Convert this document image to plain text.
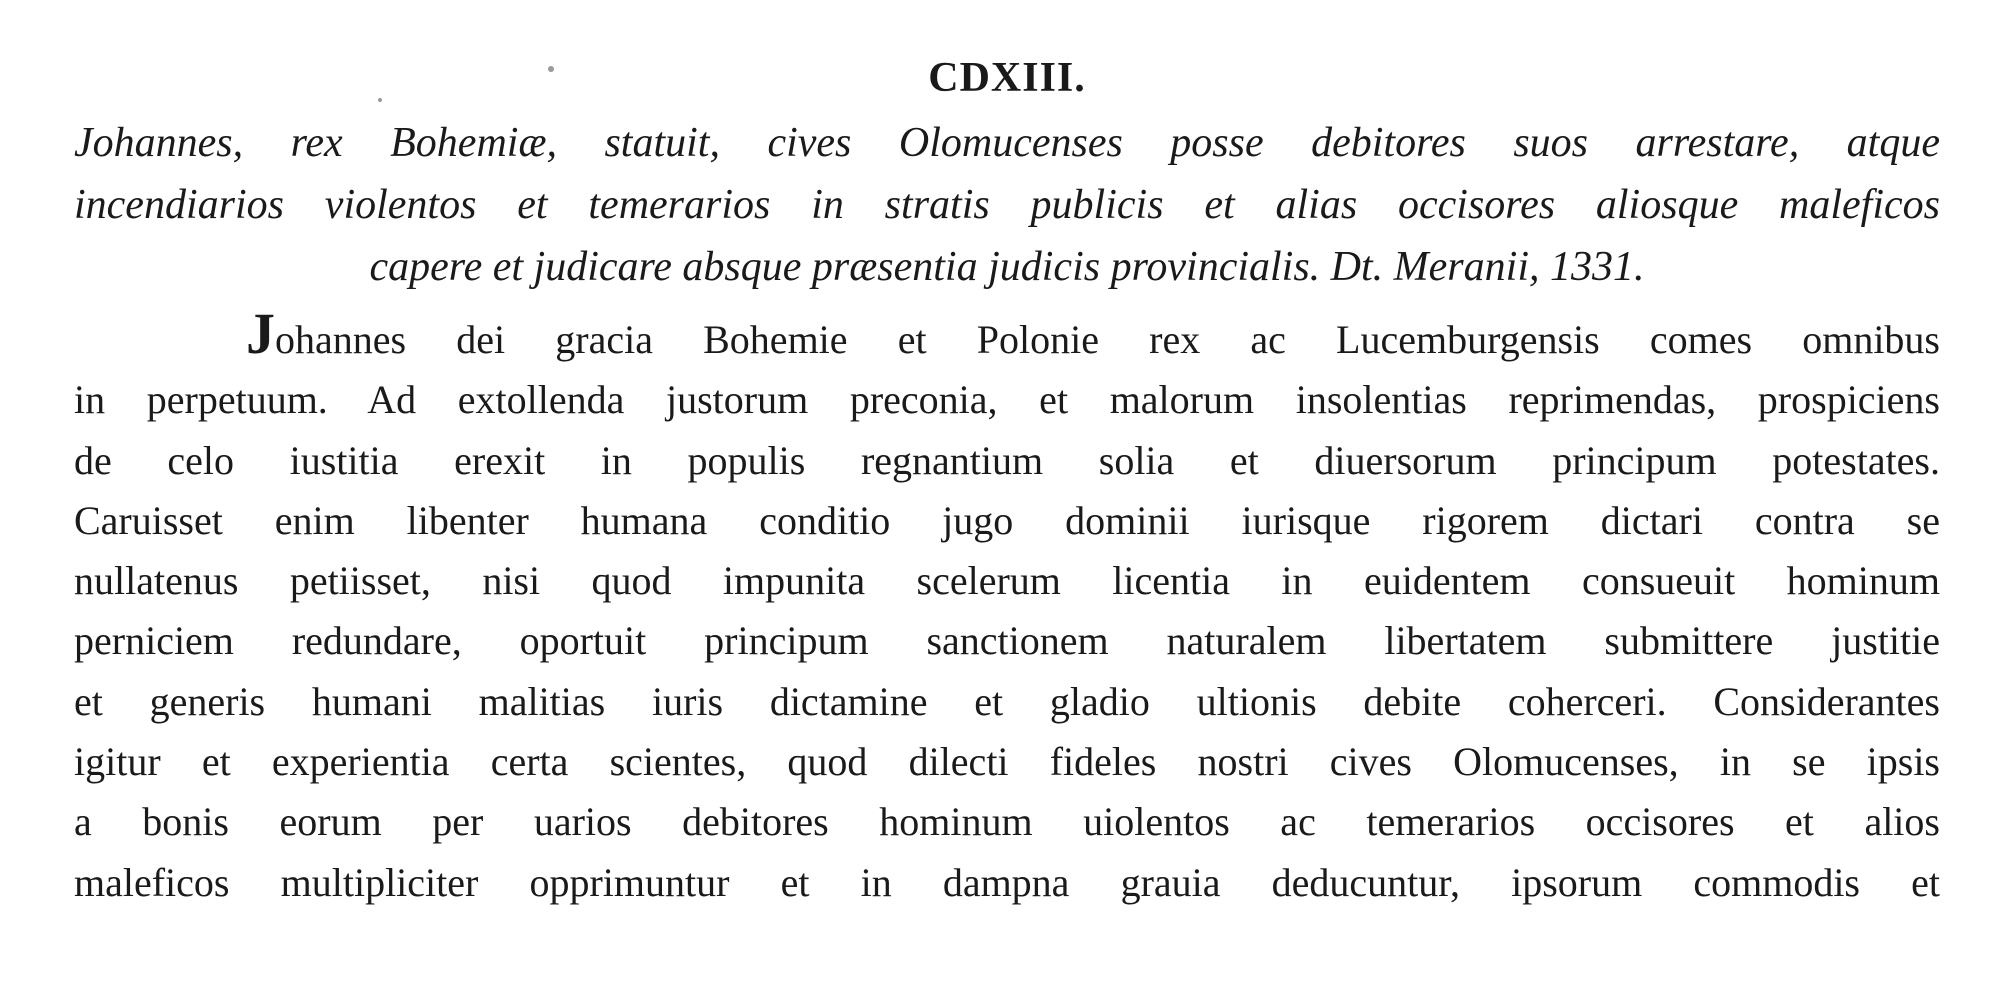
CDXIII.
Johannes, rex Bohemiæ, statuit, cives Olomucenses posse debitores suos arrestare, atque
incendiarios violentos et temerarios in stratis publicis et alias occisores aliosque maleficos
capere et judicare absque præsentia judicis provincialis. Dt. Meranii, 1331.
Johannes dei gracia Bohemie et Polonie rex ac Lucemburgensis comes omnibus
in perpetuum. Ad extollenda justorum preconia, et malorum insolentias reprimendas, prospiciens
de celo iustitia erexit in populis regnantium solia et diuersorum principum potestates.
Caruisset enim libenter humana conditio jugo dominii iurisque rigorem dictari contra se
nullatenus petiisset, nisi quod impunita scelerum licentia in euidentem consueuit hominum
perniciem redundare, oportuit principum sanctionem naturalem libertatem submittere justitie
et generis humani malitias iuris dictamine et gladio ultionis debite coherceri. Considerantes
igitur et experientia certa scientes, quod dilecti fideles nostri cives Olomucenses, in se ipsis
a bonis eorum per uarios debitores hominum uiolentos ac temerarios occisores et alios
maleficos multipliciter opprimuntur et in dampna grauia deducuntur, ipsorum commodis et
